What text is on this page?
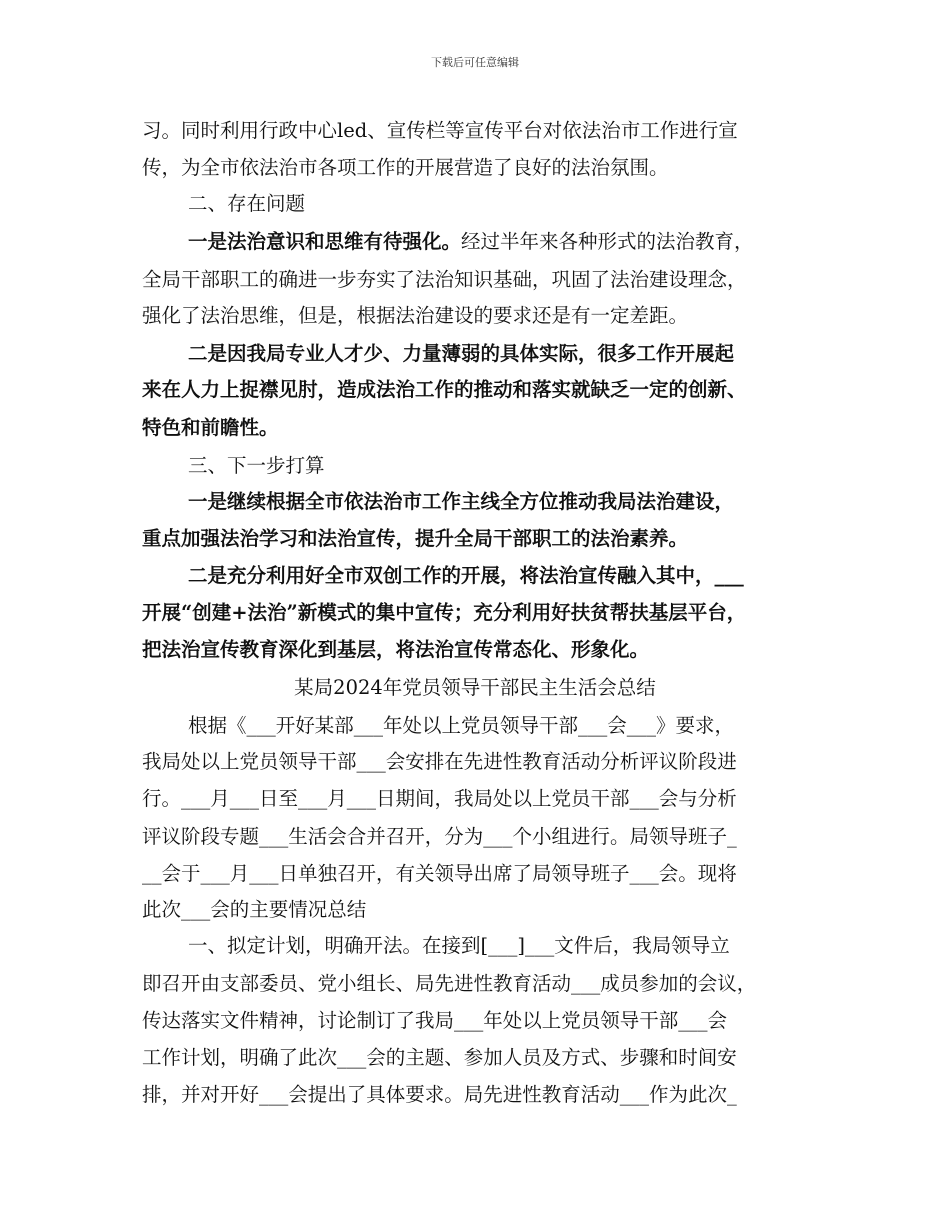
下载后可任意编辑
习。同时利用行政中心led、宣传栏等宣传平台对依法治市工作进行宣
传，为全市依法治市各项工作的开展营造了良好的法治氛围。
二、存在问题
一是法治意识和思维有待强化。经过半年来各种形式的法治教育，
全局干部职工的确进一步夯实了法治知识基础，巩固了法治建设理念，
强化了法治思维，但是，根据法治建设的要求还是有一定差距。
二是因我局专业人才少、力量薄弱的具体实际，很多工作开展起
来在人力上捉襟见肘，造成法治工作的推动和落实就缺乏一定的创新、
特色和前瞻性。
三、下一步打算
一是继续根据全市依法治市工作主线全方位推动我局法治建设，
重点加强法治学习和法治宣传，提升全局干部职工的法治素养。
二是充分利用好全市双创工作的开展，将法治宣传融入其中，___
开展“创建+法治”新模式的集中宣传；充分利用好扶贫帮扶基层平台，
把法治宣传教育深化到基层，将法治宣传常态化、形象化。
某局2024年党员领导干部民主生活会总结
根据《___开好某部___年处以上党员领导干部___会___》要求，
我局处以上党员领导干部___会安排在先进性教育活动分析评议阶段进
行。___月___日至___月___日期间，我局处以上党员干部___会与分析
评议阶段专题___生活会合并召开，分为___个小组进行。局领导班子_
__会于___月___日单独召开，有关领导出席了局领导班子___会。现将
此次___会的主要情况总结
一、拟定计划，明确开法。在接到[___]___文件后，我局领导立
即召开由支部委员、党小组长、局先进性教育活动___成员参加的会议，
传达落实文件精神，讨论制订了我局___年处以上党员领导干部___会
工作计划，明确了此次___会的主题、参加人员及方式、步骤和时间安
排，并对开好___会提出了具体要求。局先进性教育活动___作为此次_
